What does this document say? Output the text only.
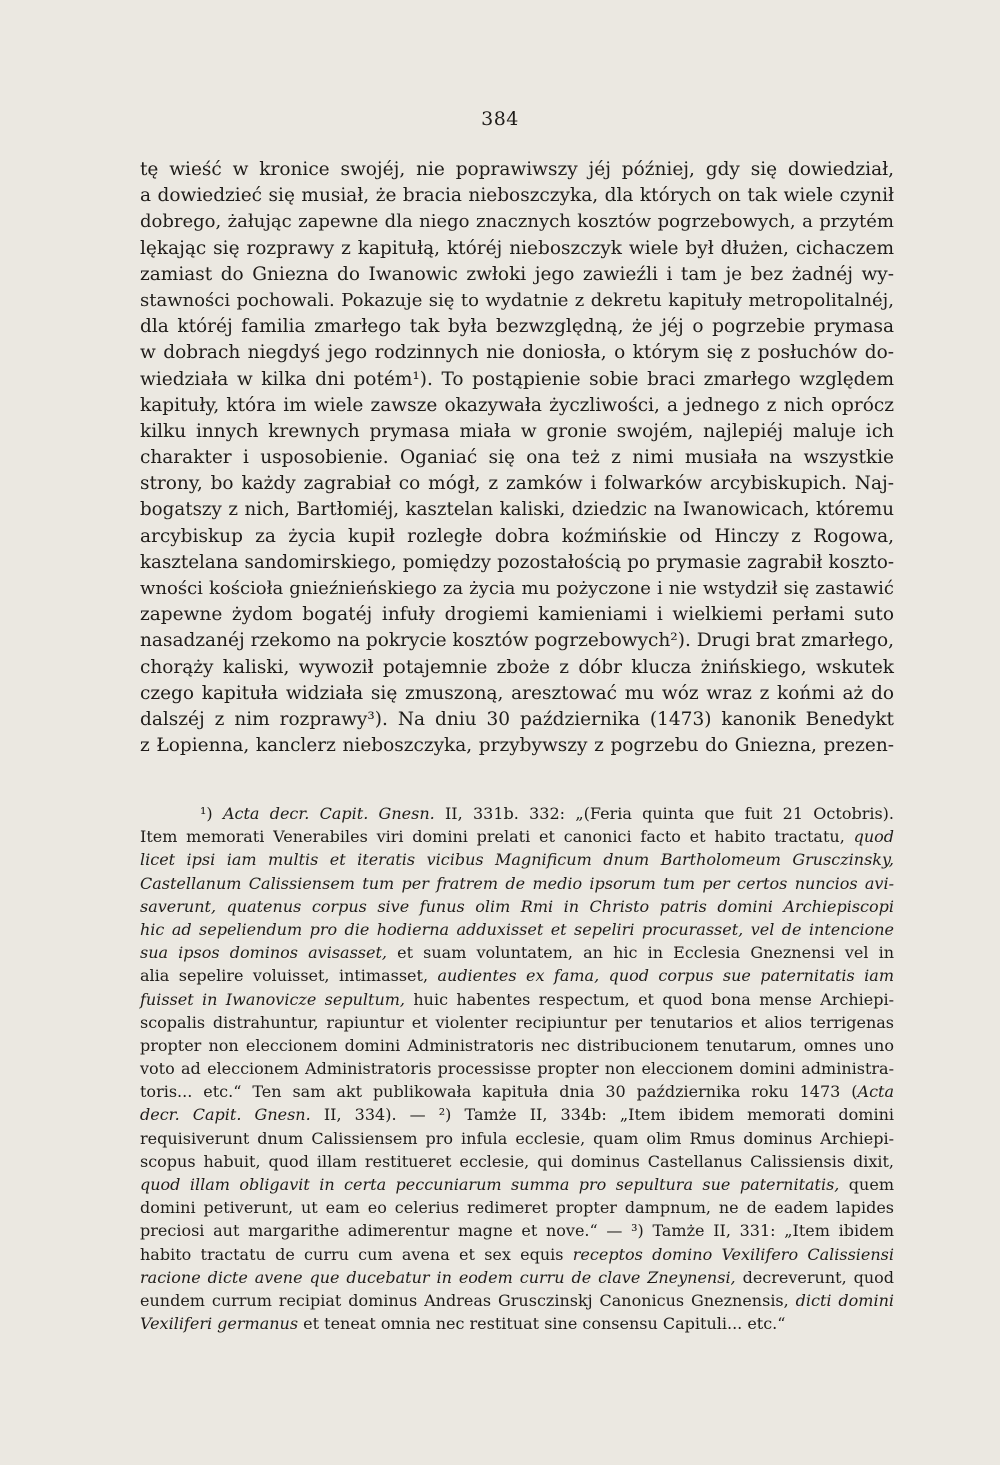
384
tę wieść w kronice swojéj, nie poprawiwszy jéj później, gdy się dowiedział,
a dowiedzieć się musiał, że bracia nieboszczyka, dla których on tak wiele czynił
dobrego, żałując zapewne dla niego znacznych kosztów pogrzebowych, a przytém
lękając się rozprawy z kapitułą, któréj nieboszczyk wiele był dłużen, cichaczem
zamiast do Gniezna do Iwanowic zwłoki jego zawieźli i tam je bez żadnéj wy-
stawności pochowali. Pokazuje się to wydatnie z dekretu kapituły metropolitalnéj,
dla któréj familia zmarłego tak była bezwzględną, że jéj o pogrzebie prymasa
w dobrach niegdyś jego rodzinnych nie doniosła, o którym się z posłuchów do-
wiedziała w kilka dni potém¹). To postąpienie sobie braci zmarłego względem
kapituły, która im wiele zawsze okazywała życzliwości, a jednego z nich oprócz
kilku innych krewnych prymasa miała w gronie swojém, najlepiéj maluje ich
charakter i usposobienie. Oganiać się ona też z nimi musiała na wszystkie
strony, bo każdy zagrabiał co mógł, z zamków i folwarków arcybiskupich. Naj-
bogatszy z nich, Bartłomiéj, kasztelan kaliski, dziedzic na Iwanowicach, któremu
arcybiskup za życia kupił rozległe dobra koźmińskie od Hinczy z Rogowa,
kasztelana sandomirskiego, pomiędzy pozostałością po prymasie zagrabił koszto-
wności kościoła gnieźnieńskiego za życia mu pożyczone i nie wstydził się zastawić
zapewne żydom bogatéj infuły drogiemi kamieniami i wielkiemi perłami suto
nasadzanéj rzekomo na pokrycie kosztów pogrzebowych²). Drugi brat zmarłego,
chorąży kaliski, wywoził potajemnie zboże z dóbr klucza żnińskiego, wskutek
czego kapituła widziała się zmuszoną, aresztować mu wóz wraz z końmi aż do
dalszéj z nim rozprawy³). Na dniu 30 października (1473) kanonik Benedykt
z Łopienna, kanclerz nieboszczyka, przybywszy z pogrzebu do Gniezna, prezen-
¹) Acta decr. Capit. Gnesn. II, 331b. 332: „(Feria quinta que fuit 21 Octobris).
Item memorati Venerabiles viri domini prelati et canonici facto et habito tractatu, quod
licet ipsi iam multis et iteratis vicibus Magnificum dnum Bartholomeum Grusczinsky,
Castellanum Calissiensem tum per fratrem de medio ipsorum tum per certos nuncios avi-
saverunt, quatenus corpus sive funus olim Rmi in Christo patris domini Archiepiscopi
hic ad sepeliendum pro die hodierna adduxisset et sepeliri procurasset, vel de intencione
sua ipsos dominos avisasset, et suam voluntatem, an hic in Ecclesia Gneznensi vel in
alia sepelire voluisset, intimasset, audientes ex fama, quod corpus sue paternitatis iam
fuisset in Iwanovicze sepultum, huic habentes respectum, et quod bona mense Archiepi-
scopalis distrahuntur, rapiuntur et violenter recipiuntur per tenutarios et alios terrigenas
propter non eleccionem domini Administratoris nec distribucionem tenutarum, omnes uno
voto ad eleccionem Administratoris processisse propter non eleccionem domini administra-
toris... etc.“ Ten sam akt publikowała kapituła dnia 30 października roku 1473 (Acta
decr. Capit. Gnesn. II, 334). — ²) Tamże II, 334b: „Item ibidem memorati domini
requisiverunt dnum Calissiensem pro infula ecclesie, quam olim Rmus dominus Archiepi-
scopus habuit, quod illam restitueret ecclesie, qui dominus Castellanus Calissiensis dixit,
quod illam obligavit in certa peccuniarum summa pro sepultura sue paternitatis, quem
domini petiverunt, ut eam eo celerius redimeret propter dampnum, ne de eadem lapides
preciosi aut margarithe adimerentur magne et nove.“ — ³) Tamże II, 331: „Item ibidem
habito tractatu de curru cum avena et sex equis receptos domino Vexilifero Calissiensi
racione dicte avene que ducebatur in eodem curru de clave Zneynensi, decreverunt, quod
eundem currum recipiat dominus Andreas Grusczinskj Canonicus Gneznensis, dicti domini
Vexiliferi germanus et teneat omnia nec restituat sine consensu Capituli... etc.“
